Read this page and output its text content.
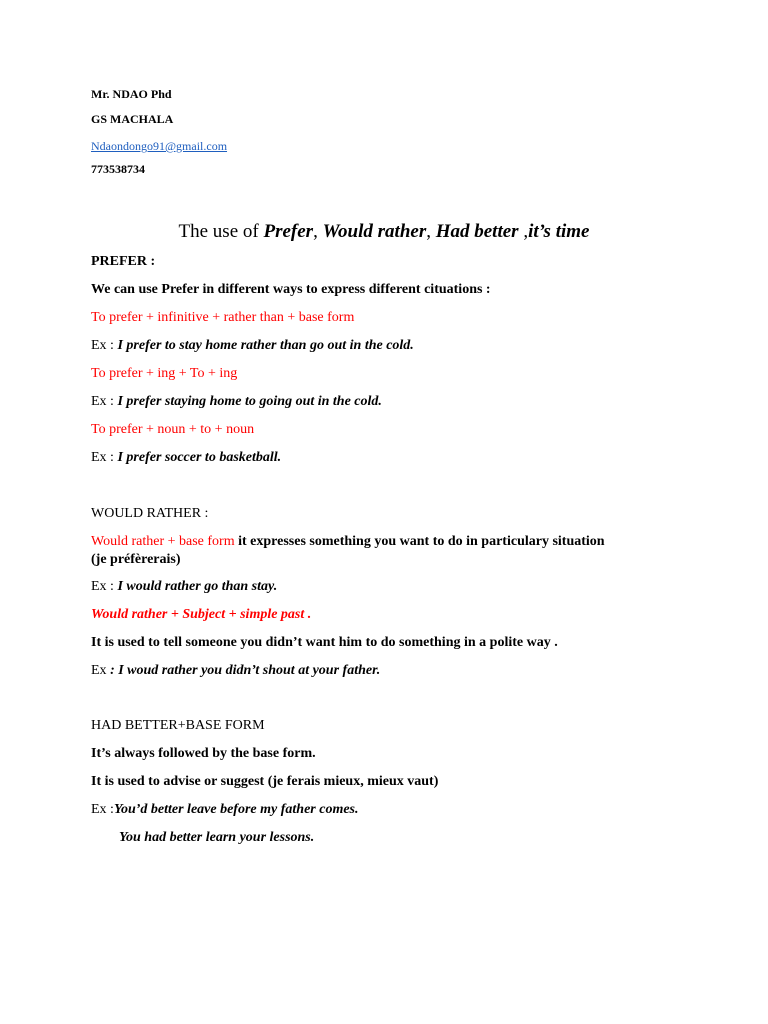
Mr. NDAO Phd
GS MACHALA
Ndaondongo91@gmail.com
773538734
The use of Prefer, Would rather, Had better ,it’s time
PREFER :
We can use Prefer in different ways to express different cituations :
To prefer + infinitive + rather than + base form
Ex : I prefer to stay home rather than go out in the cold.
To prefer + ing + To + ing
Ex : I prefer staying home to going out in the cold.
To prefer + noun + to + noun
Ex : I prefer soccer to basketball.
WOULD RATHER :
Would rather + base form it expresses something you want to do in particulary situation
(je préfèrerais)
Ex : I would rather go than stay.
Would rather + Subject + simple past .
It is used to tell someone you didn’t want him to do something in a polite way .
Ex : I woud rather you didn’t shout at your father.
HAD BETTER+BASE FORM
It’s always followed by the base form.
It is used to advise or suggest (je ferais mieux, mieux vaut)
Ex :You’d better leave before my father comes.
You had better learn your lessons.
